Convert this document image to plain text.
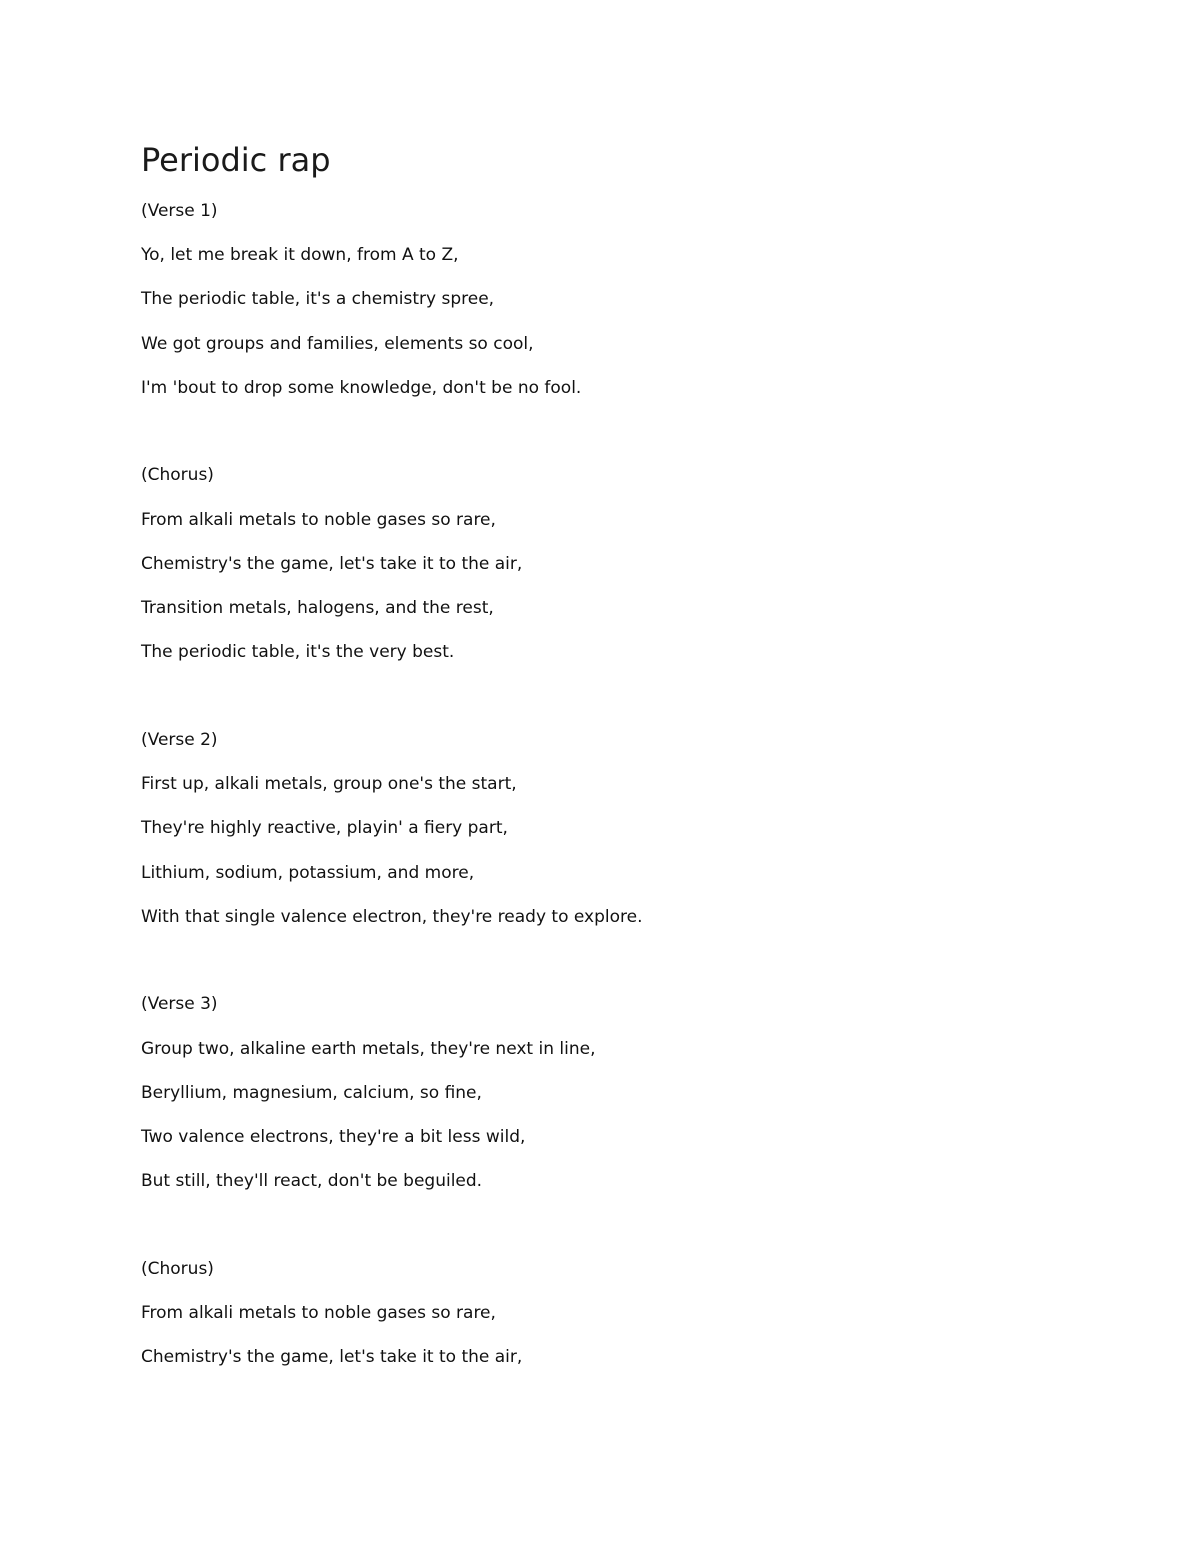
Periodic rap

(Verse 1)

Yo, let me break it down, from A to Z,

The periodic table, it's a chemistry spree,

We got groups and families, elements so cool,

I'm 'bout to drop some knowledge, don't be no fool.

(Chorus)

From alkali metals to noble gases so rare,

Chemistry's the game, let's take it to the air,

Transition metals, halogens, and the rest,

The periodic table, it's the very best.

(Verse 2)

First up, alkali metals, group one's the start,

They're highly reactive, playin' a fiery part,

Lithium, sodium, potassium, and more,

With that single valence electron, they're ready to explore.

(Verse 3)

Group two, alkaline earth metals, they're next in line,

Beryllium, magnesium, calcium, so fine,

Two valence electrons, they're a bit less wild,

But still, they'll react, don't be beguiled.

(Chorus)

From alkali metals to noble gases so rare,

Chemistry's the game, let's take it to the air,
